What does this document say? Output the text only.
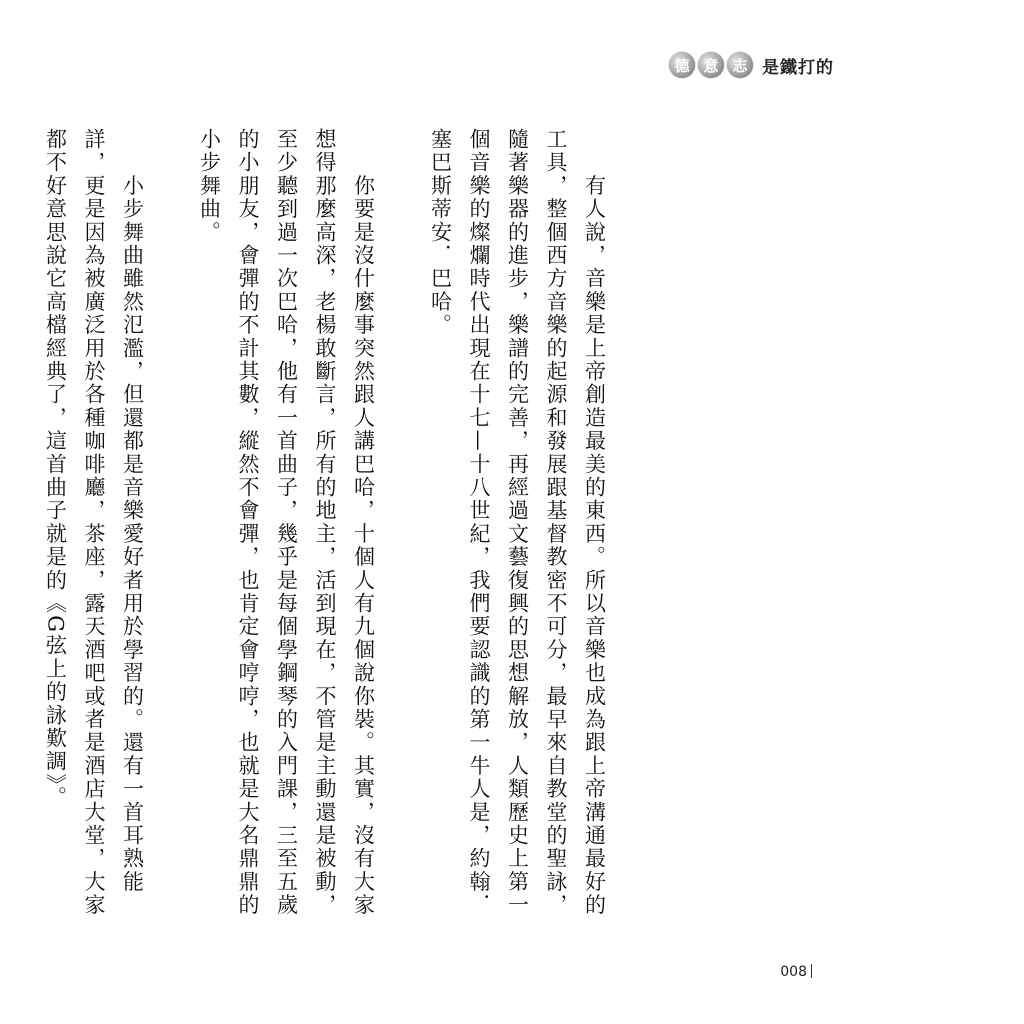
德 意 志 是鐵打的

　　有人說，音樂是上帝創造最美的東西。所以音樂也成為跟上帝溝通最好的工具，整個西方音樂的起源和發展跟基督教密不可分，最早來自教堂的聖詠，隨著樂器的進步，樂譜的完善，再經過文藝復興的思想解放，人類歷史上第一個音樂的燦爛時代出現在十七—十八世紀，我們要認識的第一牛人是，約翰．塞巴斯蒂安．巴哈。

　　你要是沒什麼事突然跟人講巴哈，十個人有九個說你裝。其實，沒有大家想得那麼高深，老楊敢斷言，所有的地主，活到現在，不管是主動還是被動，至少聽到過一次巴哈，他有一首曲子，幾乎是每個學鋼琴的入門課，三至五歲的小朋友，會彈的不計其數，縱然不會彈，也肯定會哼哼，也就是大名鼎鼎的小步舞曲。

　　小步舞曲雖然氾濫，但還都是音樂愛好者用於學習的。還有一首耳熟能詳，更是因為被廣泛用於各種咖啡廳，茶座，露天酒吧或者是酒店大堂，大家都不好意思說它高檔經典了，這首曲子就是的《G弦上的詠歎調》。

008
